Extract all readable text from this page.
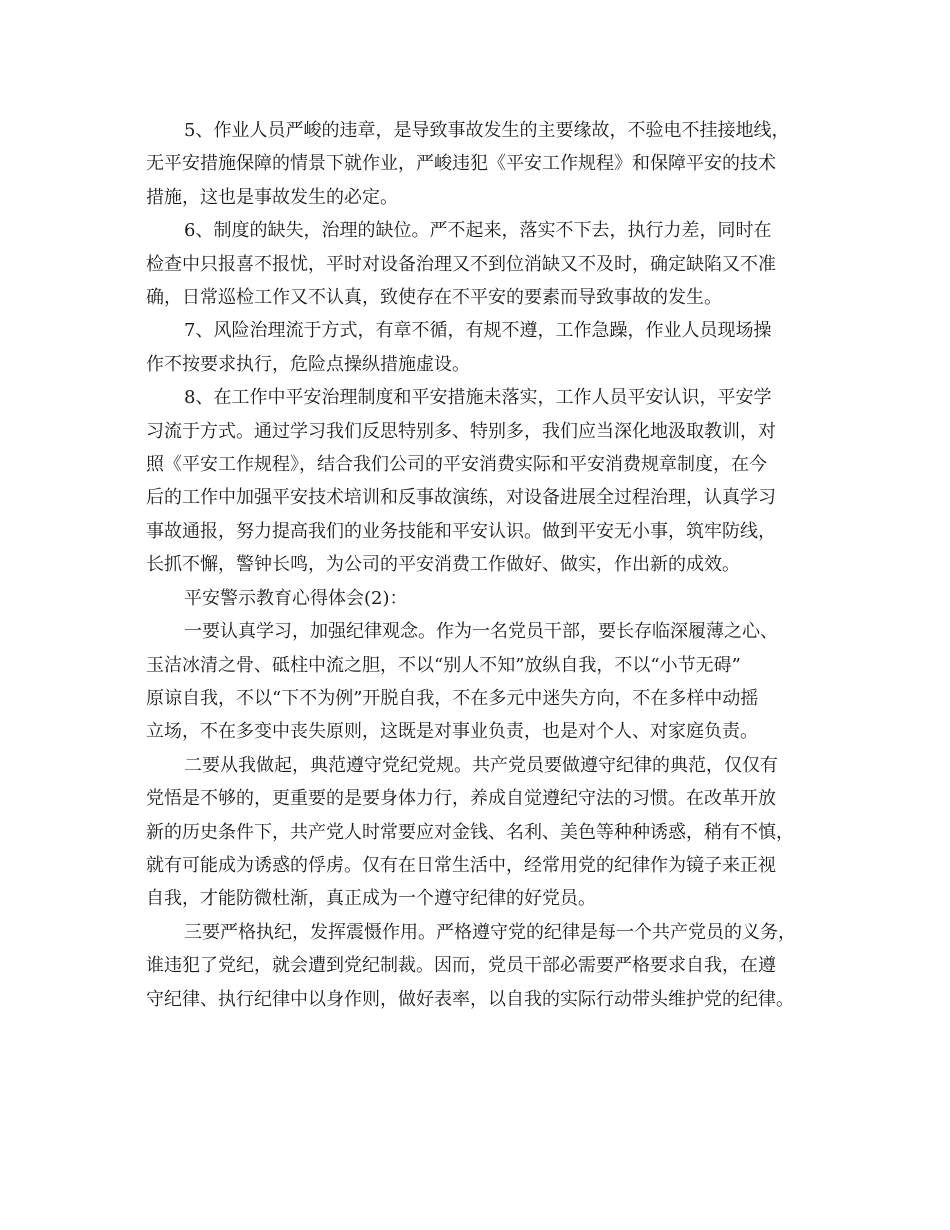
5、作业人员严峻的违章，是导致事故发生的主要缘故，不验电不挂接地线，
无平安措施保障的情景下就作业，严峻违犯《平安工作规程》和保障平安的技术
措施，这也是事故发生的必定。
6、制度的缺失，治理的缺位。严不起来，落实不下去，执行力差，同时在
检查中只报喜不报忧，平时对设备治理又不到位消缺又不及时，确定缺陷又不准
确，日常巡检工作又不认真，致使存在不平安的要素而导致事故的发生。
7、风险治理流于方式，有章不循，有规不遵，工作急躁，作业人员现场操
作不按要求执行，危险点操纵措施虚设。
8、在工作中平安治理制度和平安措施未落实，工作人员平安认识，平安学
习流于方式。通过学习我们反思特别多、特别多，我们应当深化地汲取教训，对
照《平安工作规程》，结合我们公司的平安消费实际和平安消费规章制度，在今
后的工作中加强平安技术培训和反事故演练，对设备进展全过程治理，认真学习
事故通报，努力提高我们的业务技能和平安认识。做到平安无小事，筑牢防线，
长抓不懈，警钟长鸣，为公司的平安消费工作做好、做实，作出新的成效。
平安警示教育心得体会(2)：
一要认真学习，加强纪律观念。作为一名党员干部，要长存临深履薄之心、
玉洁冰清之骨、砥柱中流之胆，不以“别人不知”放纵自我，不以“小节无碍”
原谅自我，不以“下不为例”开脱自我，不在多元中迷失方向，不在多样中动摇
立场，不在多变中丧失原则，这既是对事业负责，也是对个人、对家庭负责。
二要从我做起，典范遵守党纪党规。共产党员要做遵守纪律的典范，仅仅有
党悟是不够的，更重要的是要身体力行，养成自觉遵纪守法的习惯。在改革开放
新的历史条件下，共产党人时常要应对金钱、名利、美色等种种诱惑，稍有不慎，
就有可能成为诱惑的俘虏。仅有在日常生活中，经常用党的纪律作为镜子来正视
自我，才能防微杜渐，真正成为一个遵守纪律的好党员。
三要严格执纪，发挥震慑作用。严格遵守党的纪律是每一个共产党员的义务，
谁违犯了党纪，就会遭到党纪制裁。因而，党员干部必需要严格要求自我，在遵
守纪律、执行纪律中以身作则，做好表率，以自我的实际行动带头维护党的纪律。
